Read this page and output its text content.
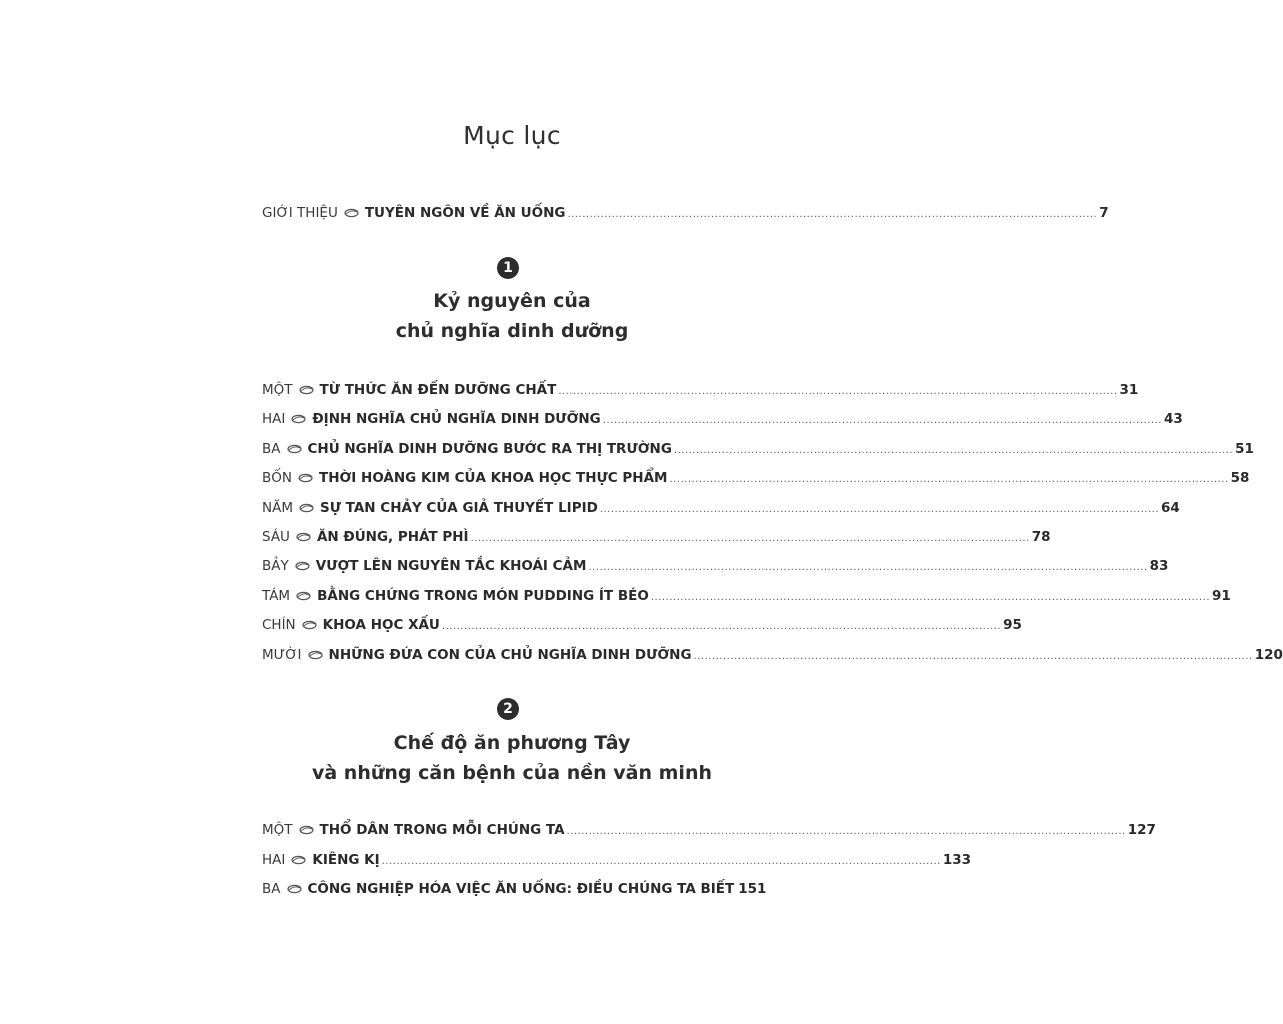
Mục lục
GIỚI THIỆU TUYÊN NGÔN VỀ ĂN UỐNG ................................................................................................................................................ 7
1
Kỷ nguyên của
chủ nghĩa dinh dưỡng
MỘT TỪ THỨC ĂN ĐẾN DƯỠNG CHẤT ........................................................................................................................................................ 31
HAI ĐỊNH NGHĨA CHỦ NGHĨA DINH DƯỠNG ........................................................................................................................................................ 43
BA CHỦ NGHĨA DINH DƯỠNG BƯỚC RA THỊ TRƯỜNG ........................................................................................................................................................ 51
BỐN THỜI HOÀNG KIM CỦA KHOA HỌC THỰC PHẨM ........................................................................................................................................................ 58
NĂM SỰ TAN CHẢY CỦA GIẢ THUYẾT LIPID ........................................................................................................................................................ 64
SÁU ĂN ĐÚNG, PHÁT PHÌ ........................................................................................................................................................ 78
BẢY VƯỢT LÊN NGUYÊN TẮC KHOÁI CẢM ........................................................................................................................................................ 83
TÁM BẰNG CHỨNG TRONG MÓN PUDDING ÍT BÉO ........................................................................................................................................................ 91
CHÍN KHOA HỌC XẤU ........................................................................................................................................................ 95
MƯỜI NHỮNG ĐỨA CON CỦA CHỦ NGHĨA DINH DƯỠNG ........................................................................................................................................................ 120
2
Chế độ ăn phương Tây
và những căn bệnh của nền văn minh
MỘT THỔ DÂN TRONG MỖI CHÚNG TA ........................................................................................................................................................ 127
HAI KIÊNG KỊ ........................................................................................................................................................ 133
BA CÔNG NGHIỆP HÓA VIỆC ĂN UỐNG: ĐIỀU CHÚNG TA BIẾT 151
